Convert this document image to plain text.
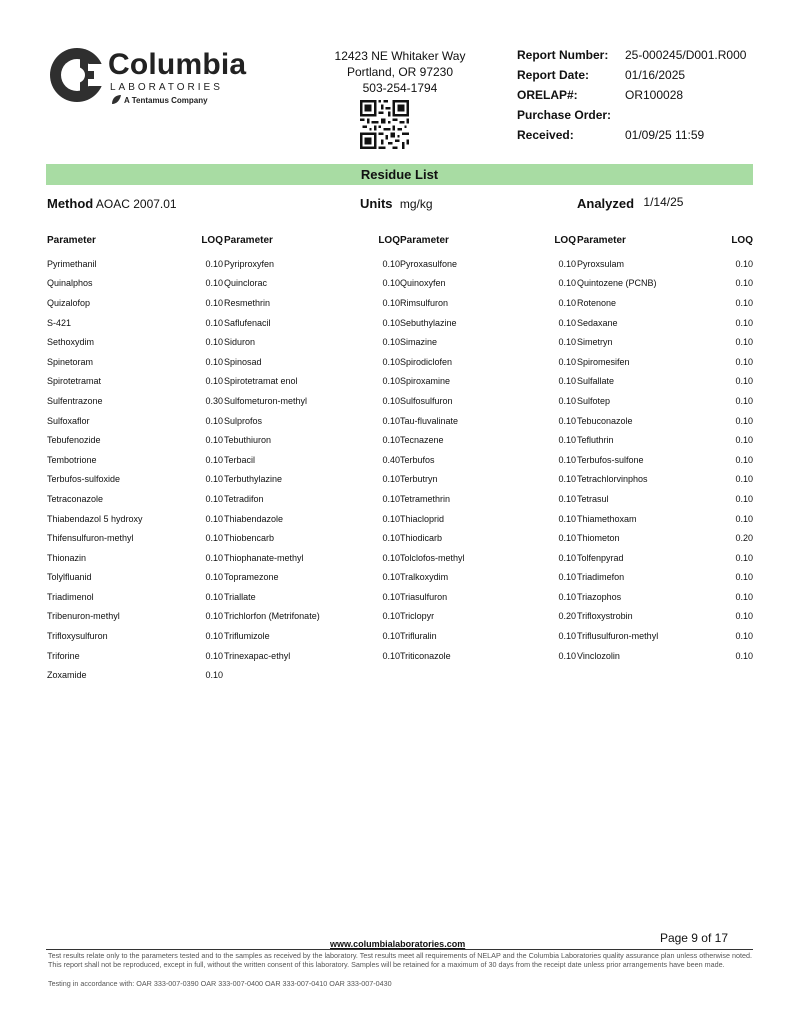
Columbia
LABORATORIES
A Tentamus Company
12423 NE Whitaker Way
Portland, OR 97230
503-254-1794
Report Number:	25-000245/D001.R000
Report Date:	01/16/2025
ORELAP#:	OR100028
Purchase Order:
Received:	01/09/25 11:59
Residue List
Method AOAC 2007.01	Units mg/kg	Analyzed 1/14/25
Parameter	LOQ
Pyrimethanil	0.10
Quinalphos	0.10
Quizalofop	0.10
S-421	0.10
Sethoxydim	0.10
Spinetoram	0.10
Spirotetramat	0.10
Sulfentrazone	0.30
Sulfoxaflor	0.10
Tebufenozide	0.10
Tembotrione	0.10
Terbufos-sulfoxide	0.10
Tetraconazole	0.10
Thiabendazol 5 hydroxy	0.10
Thifensulfuron-methyl	0.10
Thionazin	0.10
Tolylfluanid	0.10
Triadimenol	0.10
Tribenuron-methyl	0.10
Trifloxysulfuron	0.10
Triforine	0.10
Zoxamide	0.10
Parameter	LOQ
Pyriproxyfen	0.10
Quinclorac	0.10
Resmethrin	0.10
Saflufenacil	0.10
Siduron	0.10
Spinosad	0.10
Spirotetramat enol	0.10
Sulfometuron-methyl	0.10
Sulprofos	0.10
Tebuthiuron	0.10
Terbacil	0.40
Terbuthylazine	0.10
Tetradifon	0.10
Thiabendazole	0.10
Thiobencarb	0.10
Thiophanate-methyl	0.10
Topramezone	0.10
Triallate	0.10
Trichlorfon (Metrifonate)	0.10
Triflumizole	0.10
Trinexapac-ethyl	0.10
Parameter	LOQ
Pyroxasulfone	0.10
Quinoxyfen	0.10
Rimsulfuron	0.10
Sebuthylazine	0.10
Simazine	0.10
Spirodiclofen	0.10
Spiroxamine	0.10
Sulfosulfuron	0.10
Tau-fluvalinate	0.10
Tecnazene	0.10
Terbufos	0.10
Terbutryn	0.10
Tetramethrin	0.10
Thiacloprid	0.10
Thiodicarb	0.10
Tolclofos-methyl	0.10
Tralkoxydim	0.10
Triasulfuron	0.10
Triclopyr	0.20
Trifluralin	0.10
Triticonazole	0.10
Parameter	LOQ
Pyroxsulam	0.10
Quintozene (PCNB)	0.10
Rotenone	0.10
Sedaxane	0.10
Simetryn	0.10
Spiromesifen	0.10
Sulfallate	0.10
Sulfotep	0.10
Tebuconazole	0.10
Tefluthrin	0.10
Terbufos-sulfone	0.10
Tetrachlorvinphos	0.10
Tetrasul	0.10
Thiamethoxam	0.10
Thiometon	0.20
Tolfenpyrad	0.10
Triadimefon	0.10
Triazophos	0.10
Trifloxystrobin	0.10
Triflusulfuron-methyl	0.10
Vinclozolin	0.10
Page 9 of 17
www.columbialaboratories.com
Test results relate only to the parameters tested and to the samples as received by the laboratory. Test results meet all requirements of NELAP and the Columbia Laboratories quality assurance plan unless otherwise noted. This report shall not be reproduced, except in full, without the written consent of this laboratory. Samples will be retained for a maximum of 30 days from the receipt date unless prior arrangements have been made.
Testing in accordance with: OAR 333-007-0390 OAR 333-007-0400 OAR 333-007-0410 OAR 333-007-0430
